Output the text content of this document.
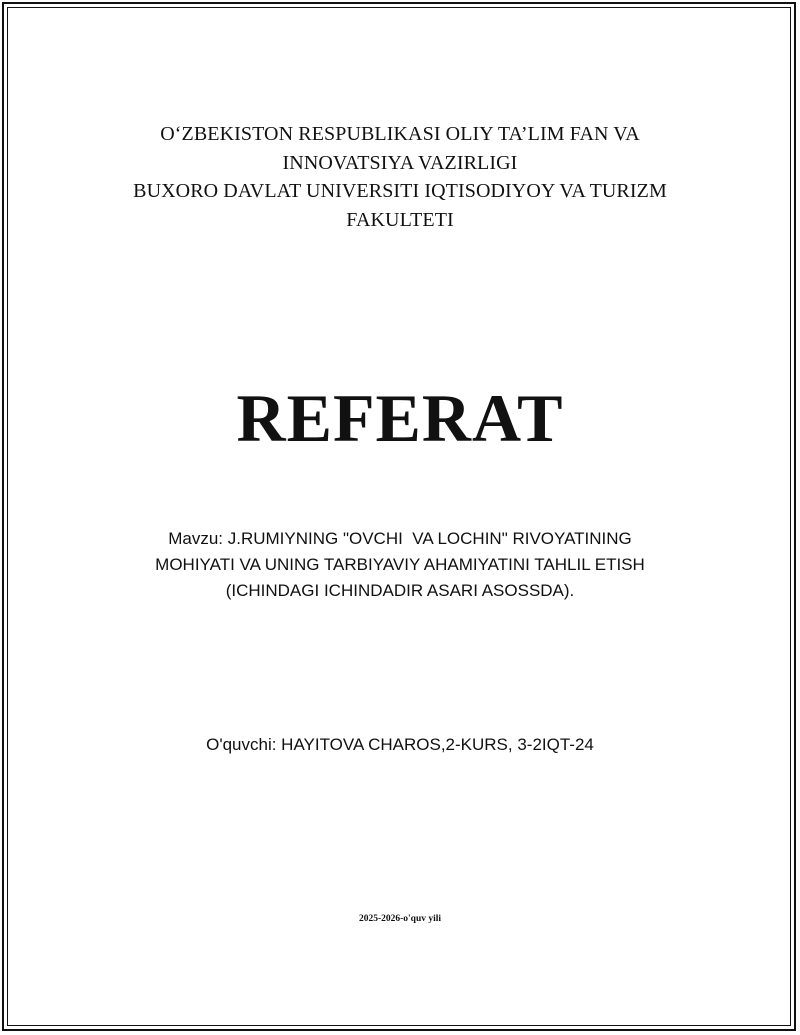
O‘ZBEKISTON RESPUBLIKASI OLIY TA’LIM FAN VA
INNOVATSIYA VAZIRLIGI
BUXORO DAVLAT UNIVERSITI IQTISODIYOY VA TURIZM
FAKULTETI
REFERAT
Mavzu: J.RUMIYNING "OVCHI  VA LOCHIN" RIVOYATINING
MOHIYATI VA UNING TARBIYAVIY AHAMIYATINI TAHLIL ETISH
(ICHINDAGI ICHINDADIR ASARI ASOSSDA).
O'quvchi: HAYITOVA CHAROS,2-KURS, 3-2IQT-24
2025-2026-o'quv yili
